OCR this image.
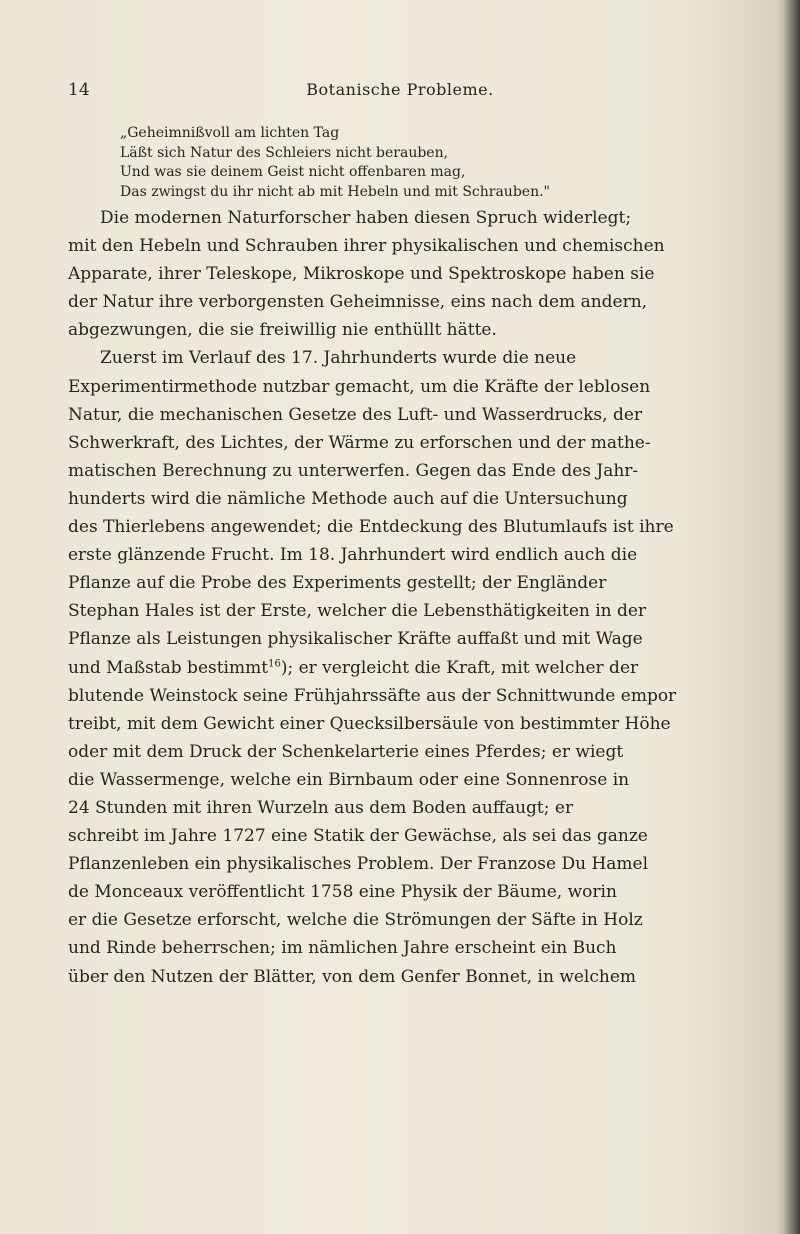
14	Botanische Probleme.

„Geheimnißvoll am lichten Tag

Läßt sich Natur des Schleiers nicht berauben,

Und was sie deinem Geist nicht offenbaren mag,

Das zwingst du ihr nicht ab mit Hebeln und mit Schrauben."

Die modernen Naturforscher haben diesen Spruch widerlegt;

mit den Hebeln und Schrauben ihrer physikalischen und chemischen

Apparate, ihrer Teleskope, Mikroskope und Spektroskope haben sie

der Natur ihre verborgensten Geheimnisse, eins nach dem andern,

abgezwungen, die sie freiwillig nie enthüllt hätte.

Zuerst im Verlauf des 17. Jahrhunderts wurde die neue

Experimentirmethode nutzbar gemacht, um die Kräfte der leblosen

Natur, die mechanischen Gesetze des Luft- und Wasserdrucks, der

Schwerkraft, des Lichtes, der Wärme zu erforschen und der mathe-

matischen Berechnung zu unterwerfen. Gegen das Ende des Jahr-

hunderts wird die nämliche Methode auch auf die Untersuchung

des Thierlebens angewendet; die Entdeckung des Blutumlaufs ist ihre

erste glänzende Frucht. Im 18. Jahrhundert wird endlich auch die

Pflanze auf die Probe des Experiments gestellt; der Engländer

Stephan Hales ist der Erste, welcher die Lebensthätigkeiten in der

Pflanze als Leistungen physikalischer Kräfte auffaßt und mit Wage

und Maßstab bestimmt$^{16}$); er vergleicht die Kraft, mit welcher der

blutende Weinstock seine Frühjahrssäfte aus der Schnittwunde empor

treibt, mit dem Gewicht einer Quecksilbersäule von bestimmter Höhe

oder mit dem Druck der Schenkelarterie eines Pferdes; er wiegt

die Wassermenge, welche ein Birnbaum oder eine Sonnenrose in

24 Stunden mit ihren Wurzeln aus dem Boden auffaugt; er

schreibt im Jahre 1727 eine Statik der Gewächse, als sei das ganze

Pflanzenleben ein physikalisches Problem. Der Franzose Du Hamel

de Monceaux veröffentlicht 1758 eine Physik der Bäume, worin

er die Gesetze erforscht, welche die Strömungen der Säfte in Holz

und Rinde beherrschen; im nämlichen Jahre erscheint ein Buch

über den Nutzen der Blätter, von dem Genfer Bonnet, in welchem
